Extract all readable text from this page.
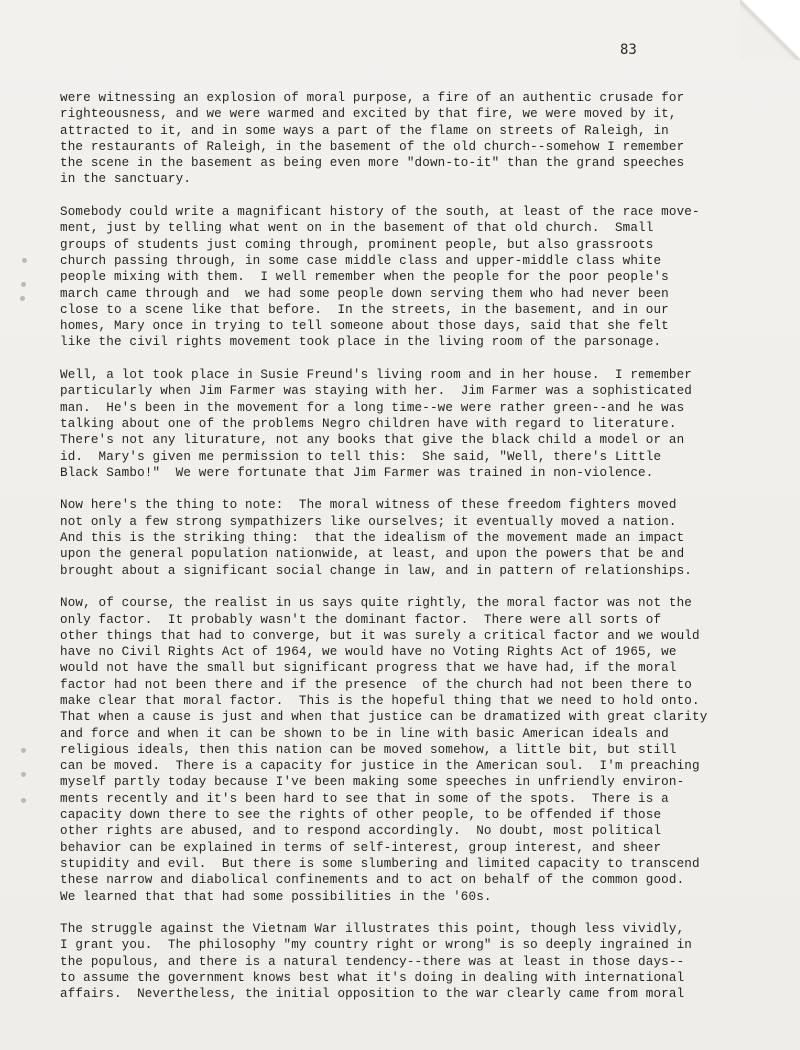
83
were witnessing an explosion of moral purpose, a fire of an authentic crusade for
righteousness, and we were warmed and excited by that fire, we were moved by it,
attracted to it, and in some ways a part of the flame on streets of Raleigh, in
the restaurants of Raleigh, in the basement of the old church--somehow I remember
the scene in the basement as being even more "down-to-it" than the grand speeches
in the sanctuary.
Somebody could write a magnificant history of the south, at least of the race move-
ment, just by telling what went on in the basement of that old church.  Small
groups of students just coming through, prominent people, but also grassroots
church passing through, in some case middle class and upper-middle class white
people mixing with them.  I well remember when the people for the poor people's
march came through and  we had some people down serving them who had never been
close to a scene like that before.  In the streets, in the basement, and in our
homes, Mary once in trying to tell someone about those days, said that she felt
like the civil rights movement took place in the living room of the parsonage.
Well, a lot took place in Susie Freund's living room and in her house.  I remember
particularly when Jim Farmer was staying with her.  Jim Farmer was a sophisticated
man.  He's been in the movement for a long time--we were rather green--and he was
talking about one of the problems Negro children have with regard to literature.
There's not any liturature, not any books that give the black child a model or an
id.  Mary's given me permission to tell this:  She said, "Well, there's Little
Black Sambo!"  We were fortunate that Jim Farmer was trained in non-violence.
Now here's the thing to note:  The moral witness of these freedom fighters moved
not only a few strong sympathizers like ourselves; it eventually moved a nation.
And this is the striking thing:  that the idealism of the movement made an impact
upon the general population nationwide, at least, and upon the powers that be and
brought about a significant social change in law, and in pattern of relationships.
Now, of course, the realist in us says quite rightly, the moral factor was not the
only factor.  It probably wasn't the dominant factor.  There were all sorts of
other things that had to converge, but it was surely a critical factor and we would
have no Civil Rights Act of 1964, we would have no Voting Rights Act of 1965, we
would not have the small but significant progress that we have had, if the moral
factor had not been there and if the presence  of the church had not been there to
make clear that moral factor.  This is the hopeful thing that we need to hold onto.
That when a cause is just and when that justice can be dramatized with great clarity
and force and when it can be shown to be in line with basic American ideals and
religious ideals, then this nation can be moved somehow, a little bit, but still
can be moved.  There is a capacity for justice in the American soul.  I'm preaching
myself partly today because I've been making some speeches in unfriendly environ-
ments recently and it's been hard to see that in some of the spots.  There is a
capacity down there to see the rights of other people, to be offended if those
other rights are abused, and to respond accordingly.  No doubt, most political
behavior can be explained in terms of self-interest, group interest, and sheer
stupidity and evil.  But there is some slumbering and limited capacity to transcend
these narrow and diabolical confinements and to act on behalf of the common good.
We learned that that had some possibilities in the '60s.
The struggle against the Vietnam War illustrates this point, though less vividly,
I grant you.  The philosophy "my country right or wrong" is so deeply ingrained in
the populous, and there is a natural tendency--there was at least in those days--
to assume the government knows best what it's doing in dealing with international
affairs.  Nevertheless, the initial opposition to the war clearly came from moral
